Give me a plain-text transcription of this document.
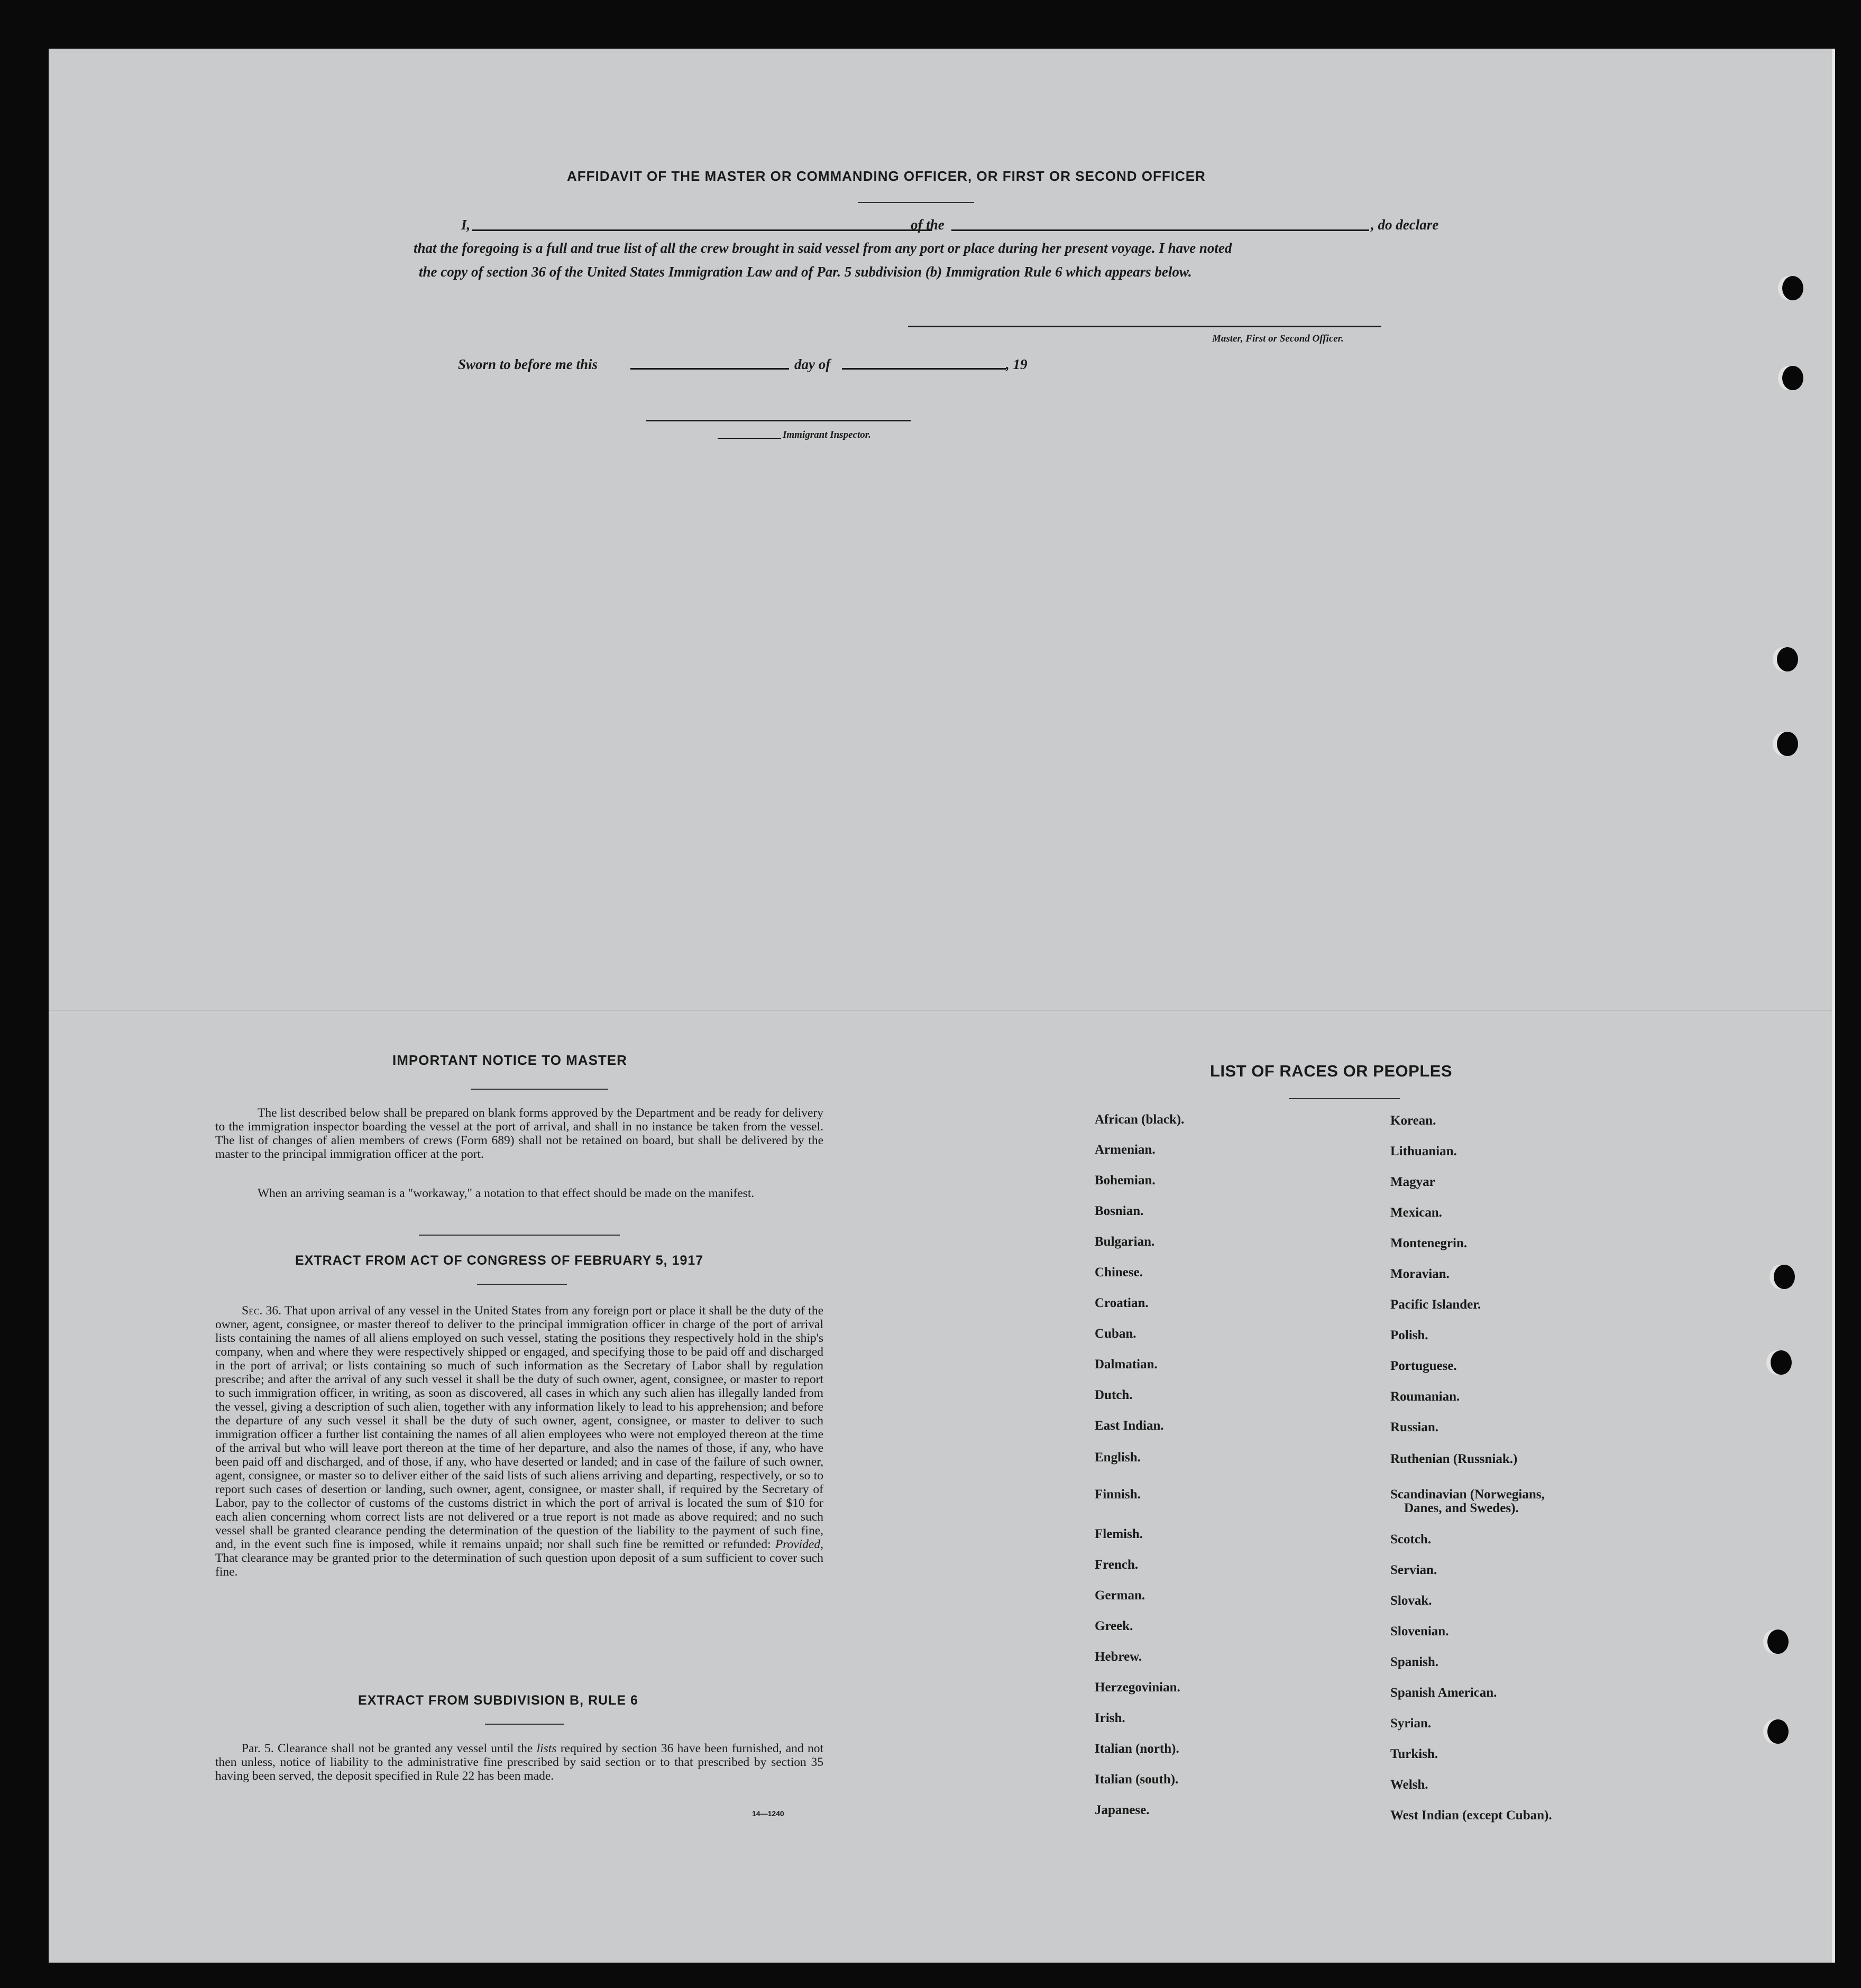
AFFIDAVIT OF THE MASTER OR COMMANDING OFFICER, OR FIRST OR SECOND OFFICER
I,	of the	, do declare
that the foregoing is a full and true list of all the crew brought in said vessel from any port or place during her present voyage. I have noted
the copy of section 36 of the United States Immigration Law and of Par. 5 subdivision (b) Immigration Rule 6 which appears below.
Master, First or Second Officer.
Sworn to before me this	day of	, 19
Immigrant Inspector.
IMPORTANT NOTICE TO MASTER
The list described below shall be prepared on blank forms approved by the Department and be ready for delivery to the immigration inspector boarding the vessel at the port of arrival, and shall in no instance be taken from the vessel. The list of changes of alien members of crews (Form 689) shall not be retained on board, but shall be delivered by the master to the principal immigration officer at the port.
When an arriving seaman is a "workaway," a notation to that effect should be made on the manifest.
EXTRACT FROM ACT OF CONGRESS OF FEBRUARY 5, 1917
Sec. 36. That upon arrival of any vessel in the United States from any foreign port or place it shall be the duty of the owner, agent, consignee, or master thereof to deliver to the principal immigration officer in charge of the port of arrival lists containing the names of all aliens employed on such vessel, stating the positions they respectively hold in the ship's company, when and where they were respectively shipped or engaged, and specifying those to be paid off and discharged in the port of arrival; or lists containing so much of such information as the Secretary of Labor shall by regulation prescribe; and after the arrival of any such vessel it shall be the duty of such owner, agent, consignee, or master to report to such immigration officer, in writing, as soon as discovered, all cases in which any such alien has illegally landed from the vessel, giving a description of such alien, together with any information likely to lead to his apprehension; and before the departure of any such vessel it shall be the duty of such owner, agent, consignee, or master to deliver to such immigration officer a further list containing the names of all alien employees who were not employed thereon at the time of the arrival but who will leave port thereon at the time of her departure, and also the names of those, if any, who have been paid off and discharged, and of those, if any, who have deserted or landed; and in case of the failure of such owner, agent, consignee, or master so to deliver either of the said lists of such aliens arriving and departing, respectively, or so to report such cases of desertion or landing, such owner, agent, consignee, or master shall, if required by the Secretary of Labor, pay to the collector of customs of the customs district in which the port of arrival is located the sum of $10 for each alien concerning whom correct lists are not delivered or a true report is not made as above required; and no such vessel shall be granted clearance pending the determination of the question of the liability to the payment of such fine, and, in the event such fine is imposed, while it remains unpaid; nor shall such fine be remitted or refunded: Provided, That clearance may be granted prior to the determination of such question upon deposit of a sum sufficient to cover such fine.
EXTRACT FROM SUBDIVISION B, RULE 6
Par. 5. Clearance shall not be granted any vessel until the lists required by section 36 have been furnished, and not then unless, notice of liability to the administrative fine prescribed by said section or to that prescribed by section 35 having been served, the deposit specified in Rule 22 has been made.
14—1240
LIST OF RACES OR PEOPLES
African (black).
Armenian.
Bohemian.
Bosnian.
Bulgarian.
Chinese.
Croatian.
Cuban.
Dalmatian.
Dutch.
East Indian.
English.
Finnish.
Flemish.
French.
German.
Greek.
Hebrew.
Herzegovinian.
Irish.
Italian (north).
Italian (south).
Japanese.
Korean.
Lithuanian.
Magyar
Mexican.
Montenegrin.
Moravian.
Pacific Islander.
Polish.
Portuguese.
Roumanian.
Russian.
Ruthenian (Russniak.)
Scandinavian (Norwegians,
Danes, and Swedes).
Scotch.
Servian.
Slovak.
Slovenian.
Spanish.
Spanish American.
Syrian.
Turkish.
Welsh.
West Indian (except Cuban).
